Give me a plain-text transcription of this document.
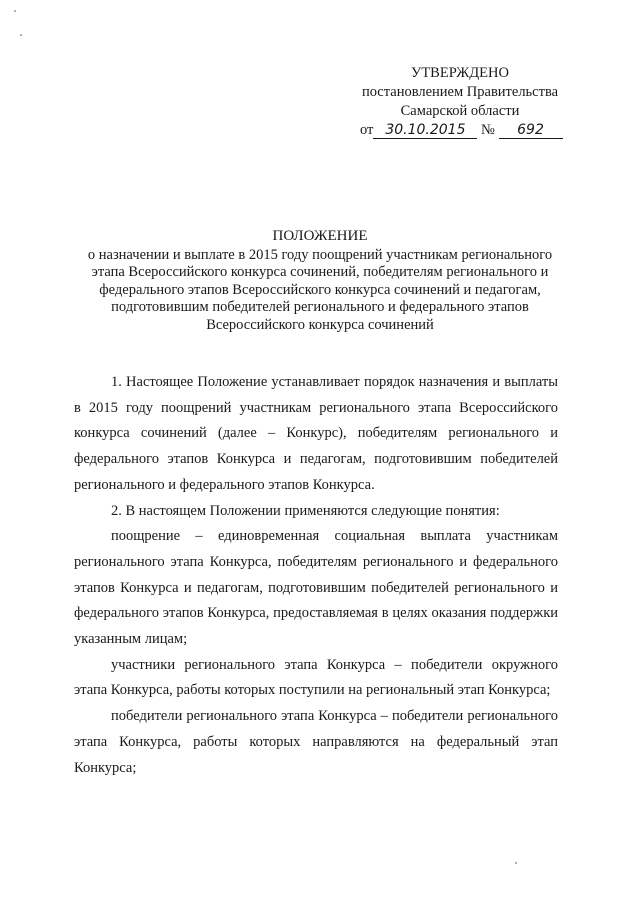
УТВЕРЖДЕНО
постановлением Правительства
Самарской области
от 30.10.2015 № 692
ПОЛОЖЕНИЕ
о назначении и выплате в 2015 году поощрений участникам регионального
этапа Всероссийского конкурса сочинений, победителям регионального и
федерального этапов Всероссийского конкурса сочинений и педагогам,
подготовившим победителей регионального и федерального этапов
Всероссийского конкурса сочинений

1. Настоящее Положение устанавливает порядок назначения и выплаты в 2015 году поощрений участникам регионального этапа Всероссийского конкурса сочинений (далее – Конкурс), победителям регионального и федерального этапов Конкурса и педагогам, подготовившим победителей регионального и федерального этапов Конкурса.

2. В настоящем Положении применяются следующие понятия:

поощрение – единовременная социальная выплата участникам регионального этапа Конкурса, победителям регионального и федерального этапов Конкурса и педагогам, подготовившим победителей регионального и федерального этапов Конкурса, предоставляемая в целях оказания поддержки указанным лицам;

участники регионального этапа Конкурса – победители окружного этапа Конкурса, работы которых поступили на региональный этап Конкурса;

победители регионального этапа Конкурса – победители регионального этапа Конкурса, работы которых направляются на федеральный этап Конкурса;
